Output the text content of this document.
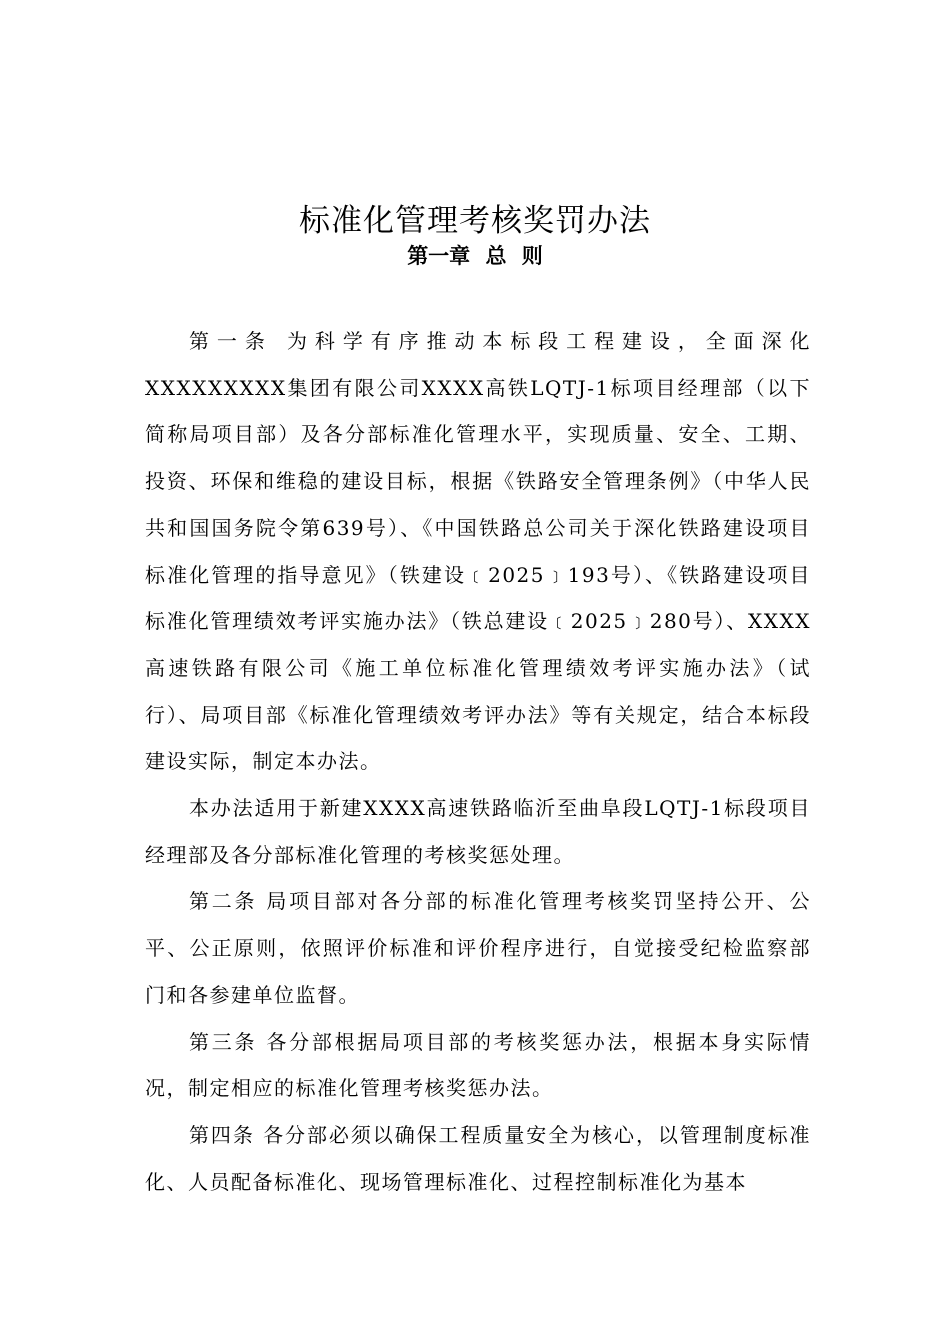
标准化管理考核奖罚办法
第一章 总 则

第一条 为科学有序推动本标段工程建设，全面深化XXXXXXXXX集团有限公司XXXX高铁LQTJ-1标项目经理部（以下简称局项目部）及各分部标准化管理水平，实现质量、安全、工期、投资、环保和维稳的建设目标，根据《铁路安全管理条例》（中华人民共和国国务院令第639号）、《中国铁路总公司关于深化铁路建设项目标准化管理的指导意见》（铁建设﹝2025﹞193号）、《铁路建设项目标准化管理绩效考评实施办法》（铁总建设﹝2025﹞280号）、XXXX高速铁路有限公司《施工单位标准化管理绩效考评实施办法》（试行）、局项目部《标准化管理绩效考评办法》等有关规定，结合本标段建设实际，制定本办法。

本办法适用于新建XXXX高速铁路临沂至曲阜段LQTJ-1标段项目经理部及各分部标准化管理的考核奖惩处理。

第二条 局项目部对各分部的标准化管理考核奖罚坚持公开、公平、公正原则，依照评价标准和评价程序进行，自觉接受纪检监察部门和各参建单位监督。

第三条 各分部根据局项目部的考核奖惩办法，根据本身实际情况，制定相应的标准化管理考核奖惩办法。

第四条 各分部必须以确保工程质量安全为核心，以管理制度标准化、人员配备标准化、现场管理标准化、过程控制标准化为基本
